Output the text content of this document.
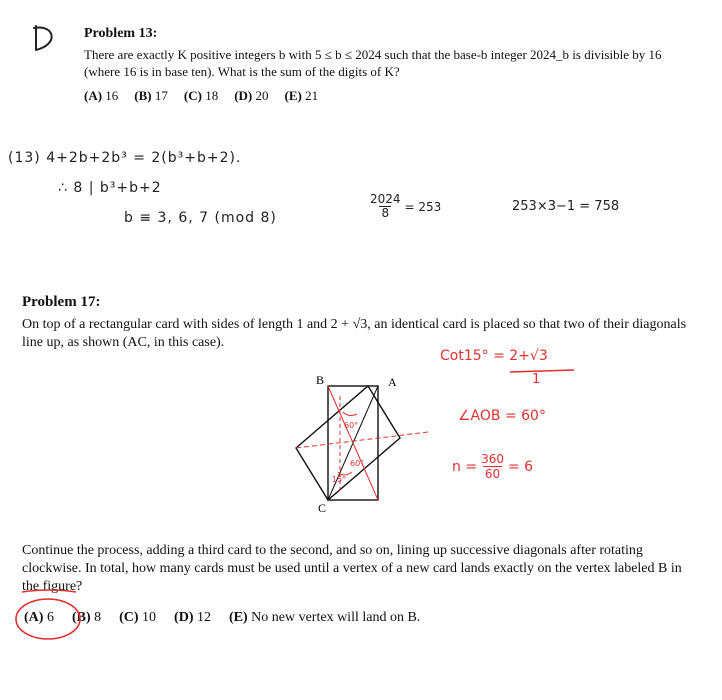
Problem 13:
There are exactly K positive integers b with 5 ≤ b ≤ 2024 such that the base-b integer 2024_b is divisible by 16 (where 16 is in base ten). What is the sum of the digits of K?
(A) 16 (B) 17 (C) 18 (D) 20 (E) 21
(13) 4+2b+2b³ = 2(b³+b+2).
∴ 8 | b³+b+2
b ≡ 3, 6, 7 (mod 8)	$\frac{2024}{8} = 253$	253×3−1 = 758
Problem 17:
On top of a rectangular card with sides of length 1 and 2 + √3, an identical card is placed so that two of their diagonals line up, as shown (AC, in this case).
Cot15° = 2+√3
1
∠AOB = 60°
$n = \frac{360}{60} = 6$
B	A
C
60°
15°
60°
Continue the process, adding a third card to the second, and so on, lining up successive diagonals after rotating clockwise. In total, how many cards must be used until a vertex of a new card lands exactly on the vertex labeled B in the figure?
(A) 6 (B) 8 (C) 10 (D) 12 (E) No new vertex will land on B.
